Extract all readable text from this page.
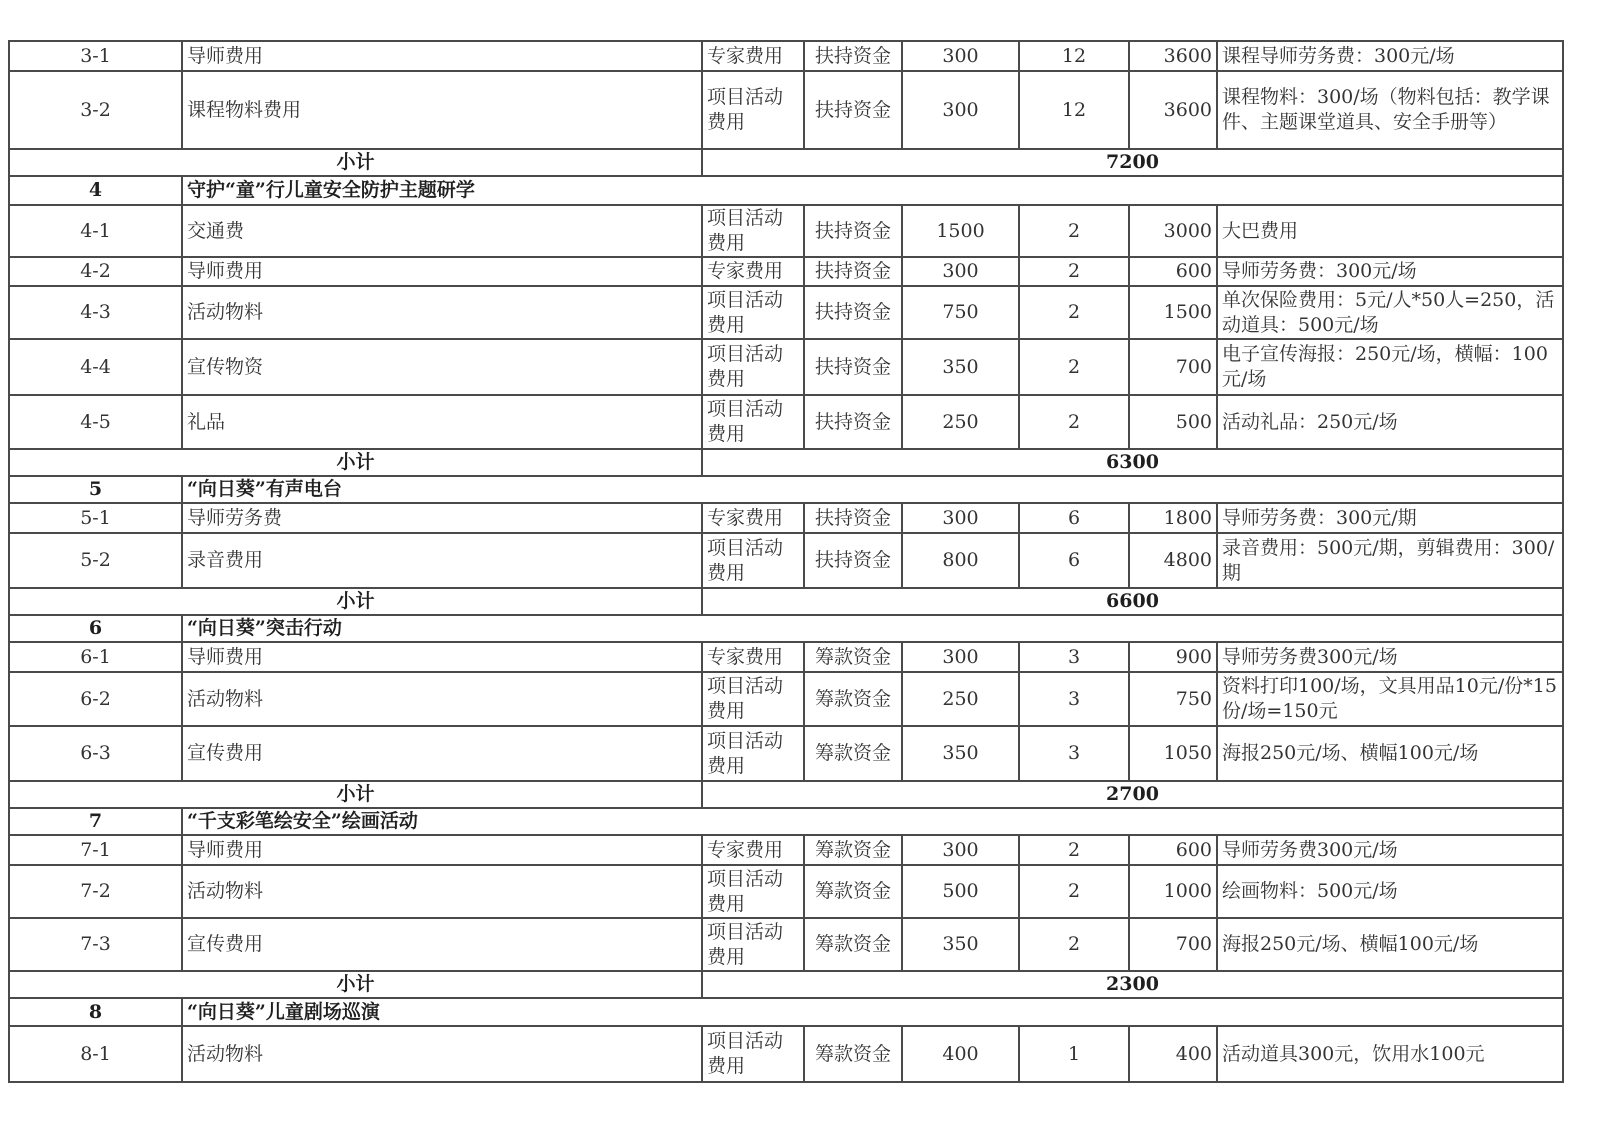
3-1	导师费用	专家费用	扶持资金	300	12	3600	课程导师劳务费：300元/场
3-2	课程物料费用	项目活动费用	扶持资金	300	12	3600	课程物料：300/场（物料包括：教学课件、主题课堂道具、安全手册等）
小计		7200					
4	守护“童”行儿童安全防护主题研学						
4-1	交通费	项目活动费用	扶持资金	1500	2	3000	大巴费用
4-2	导师费用	专家费用	扶持资金	300	2	600	导师劳务费：300元/场
4-3	活动物料	项目活动费用	扶持资金	750	2	1500	单次保险费用：5元/人*50人=250，活动道具：500元/场
4-4	宣传物资	项目活动费用	扶持资金	350	2	700	电子宣传海报：250元/场，横幅：100元/场
4-5	礼品	项目活动费用	扶持资金	250	2	500	活动礼品：250元/场
小计		6300					
5	“向日葵”有声电台						
5-1	导师劳务费	专家费用	扶持资金	300	6	1800	导师劳务费：300元/期
5-2	录音费用	项目活动费用	扶持资金	800	6	4800	录音费用：500元/期，剪辑费用：300/期
小计		6600					
6	“向日葵”突击行动						
6-1	导师费用	专家费用	筹款资金	300	3	900	导师劳务费300元/场
6-2	活动物料	项目活动费用	筹款资金	250	3	750	资料打印100/场，文具用品10元/份*15份/场=150元
6-3	宣传费用	项目活动费用	筹款资金	350	3	1050	海报250元/场、横幅100元/场
小计		2700					
7	“千支彩笔绘安全”绘画活动						
7-1	导师费用	专家费用	筹款资金	300	2	600	导师劳务费300元/场
7-2	活动物料	项目活动费用	筹款资金	500	2	1000	绘画物料：500元/场
7-3	宣传费用	项目活动费用	筹款资金	350	2	700	海报250元/场、横幅100元/场
小计		2300					
8	“向日葵”儿童剧场巡演						
8-1	活动物料	项目活动费用	筹款资金	400	1	400	活动道具300元，饮用水100元
